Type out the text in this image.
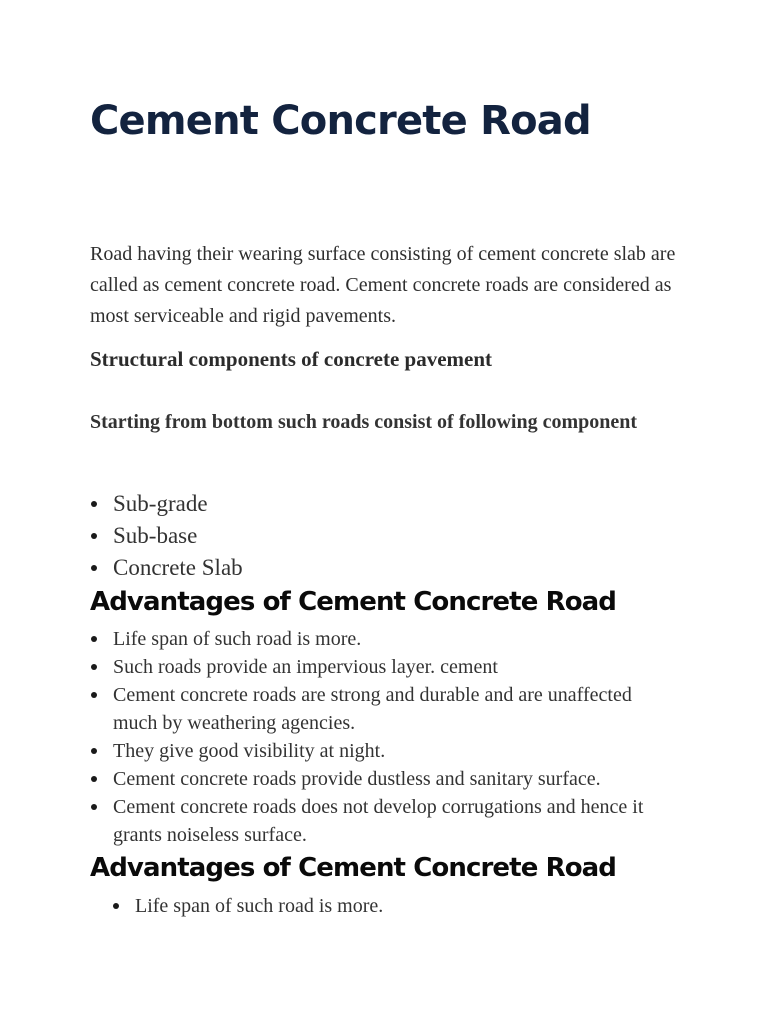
Cement Concrete Road

Road having their wearing surface consisting of cement concrete slab are called as cement concrete road. Cement concrete roads are considered as most serviceable and rigid pavements.

Structural components of concrete pavement

Starting from bottom such roads consist of following component

Sub-grade
Sub-base
Concrete Slab
Advantages of Cement Concrete Road
Life span of such road is more.
Such roads provide an impervious layer. cement
Cement concrete roads are strong and durable and are unaffected much by weathering agencies.
They give good visibility at night.
Cement concrete roads provide dustless and sanitary surface.
Cement concrete roads does not develop corrugations and hence it grants noiseless surface.
Advantages of Cement Concrete Road
Life span of such road is more.
